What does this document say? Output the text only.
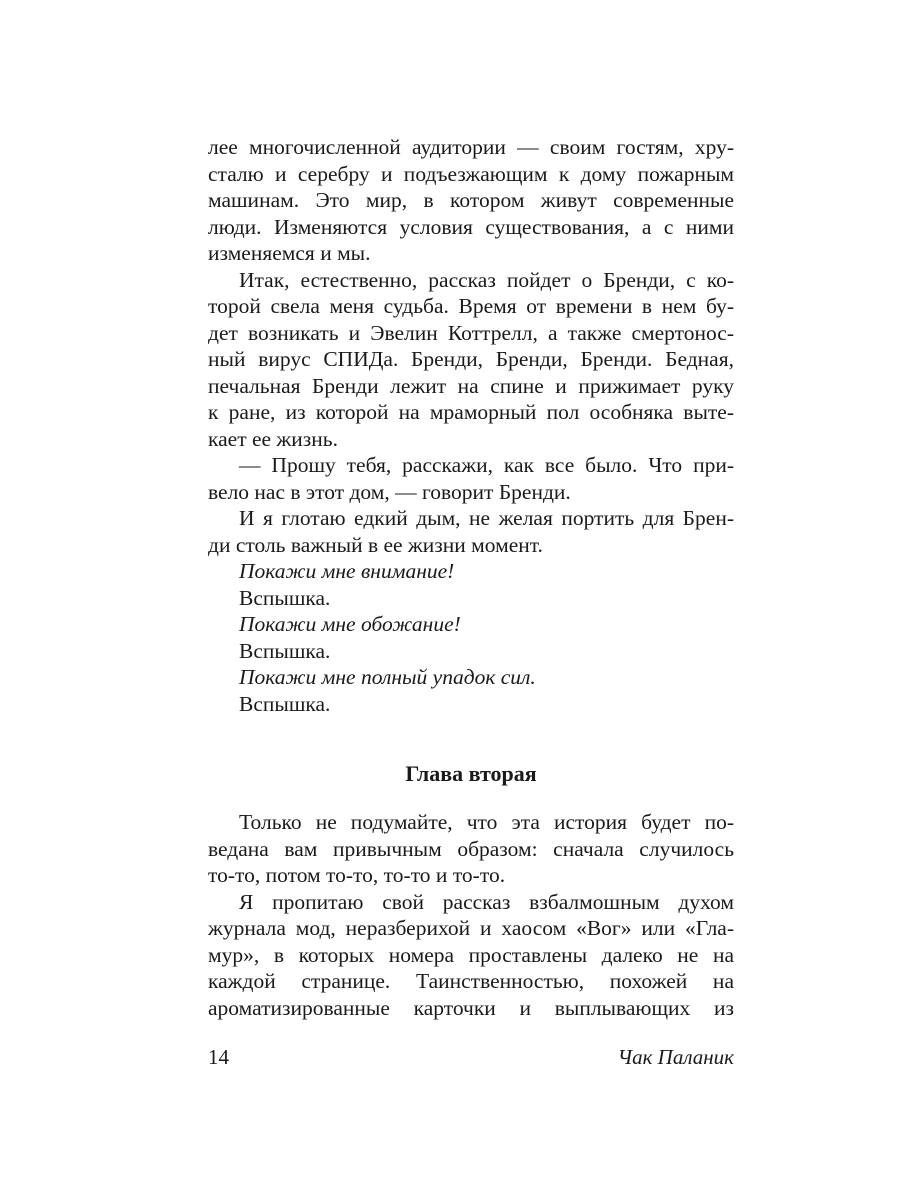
лее многочисленной аудитории — своим гостям, хру-
сталю и серебру и подъезжающим к дому пожарным
машинам. Это мир, в котором живут современные
люди. Изменяются условия существования, а с ними
изменяемся и мы.
Итак, естественно, рассказ пойдет о Бренди, с ко-
торой свела меня судьба. Время от времени в нем бу-
дет возникать и Эвелин Коттрелл, а также смертонос-
ный вирус СПИДа. Бренди, Бренди, Бренди. Бедная,
печальная Бренди лежит на спине и прижимает руку
к ране, из которой на мраморный пол особняка выте-
кает ее жизнь.
— Прошу тебя, расскажи, как все было. Что при-
вело нас в этот дом, — говорит Бренди.
И я глотаю едкий дым, не желая портить для Брен-
ди столь важный в ее жизни момент.
Покажи мне внимание!
Вспышка.
Покажи мне обожание!
Вспышка.
Покажи мне полный упадок сил.
Вспышка.
Глава вторая
Только не подумайте, что эта история будет по-
ведана вам привычным образом: сначала случилось
то-то, потом то-то, то-то и то-то.
Я пропитаю свой рассказ взбалмошным духом
журнала мод, неразберихой и хаосом «Вог» или «Гла-
мур», в которых номера проставлены далеко не на
каждой странице. Таинственностью, похожей на
ароматизированные карточки и выплывающих из
14	Чак Паланик
